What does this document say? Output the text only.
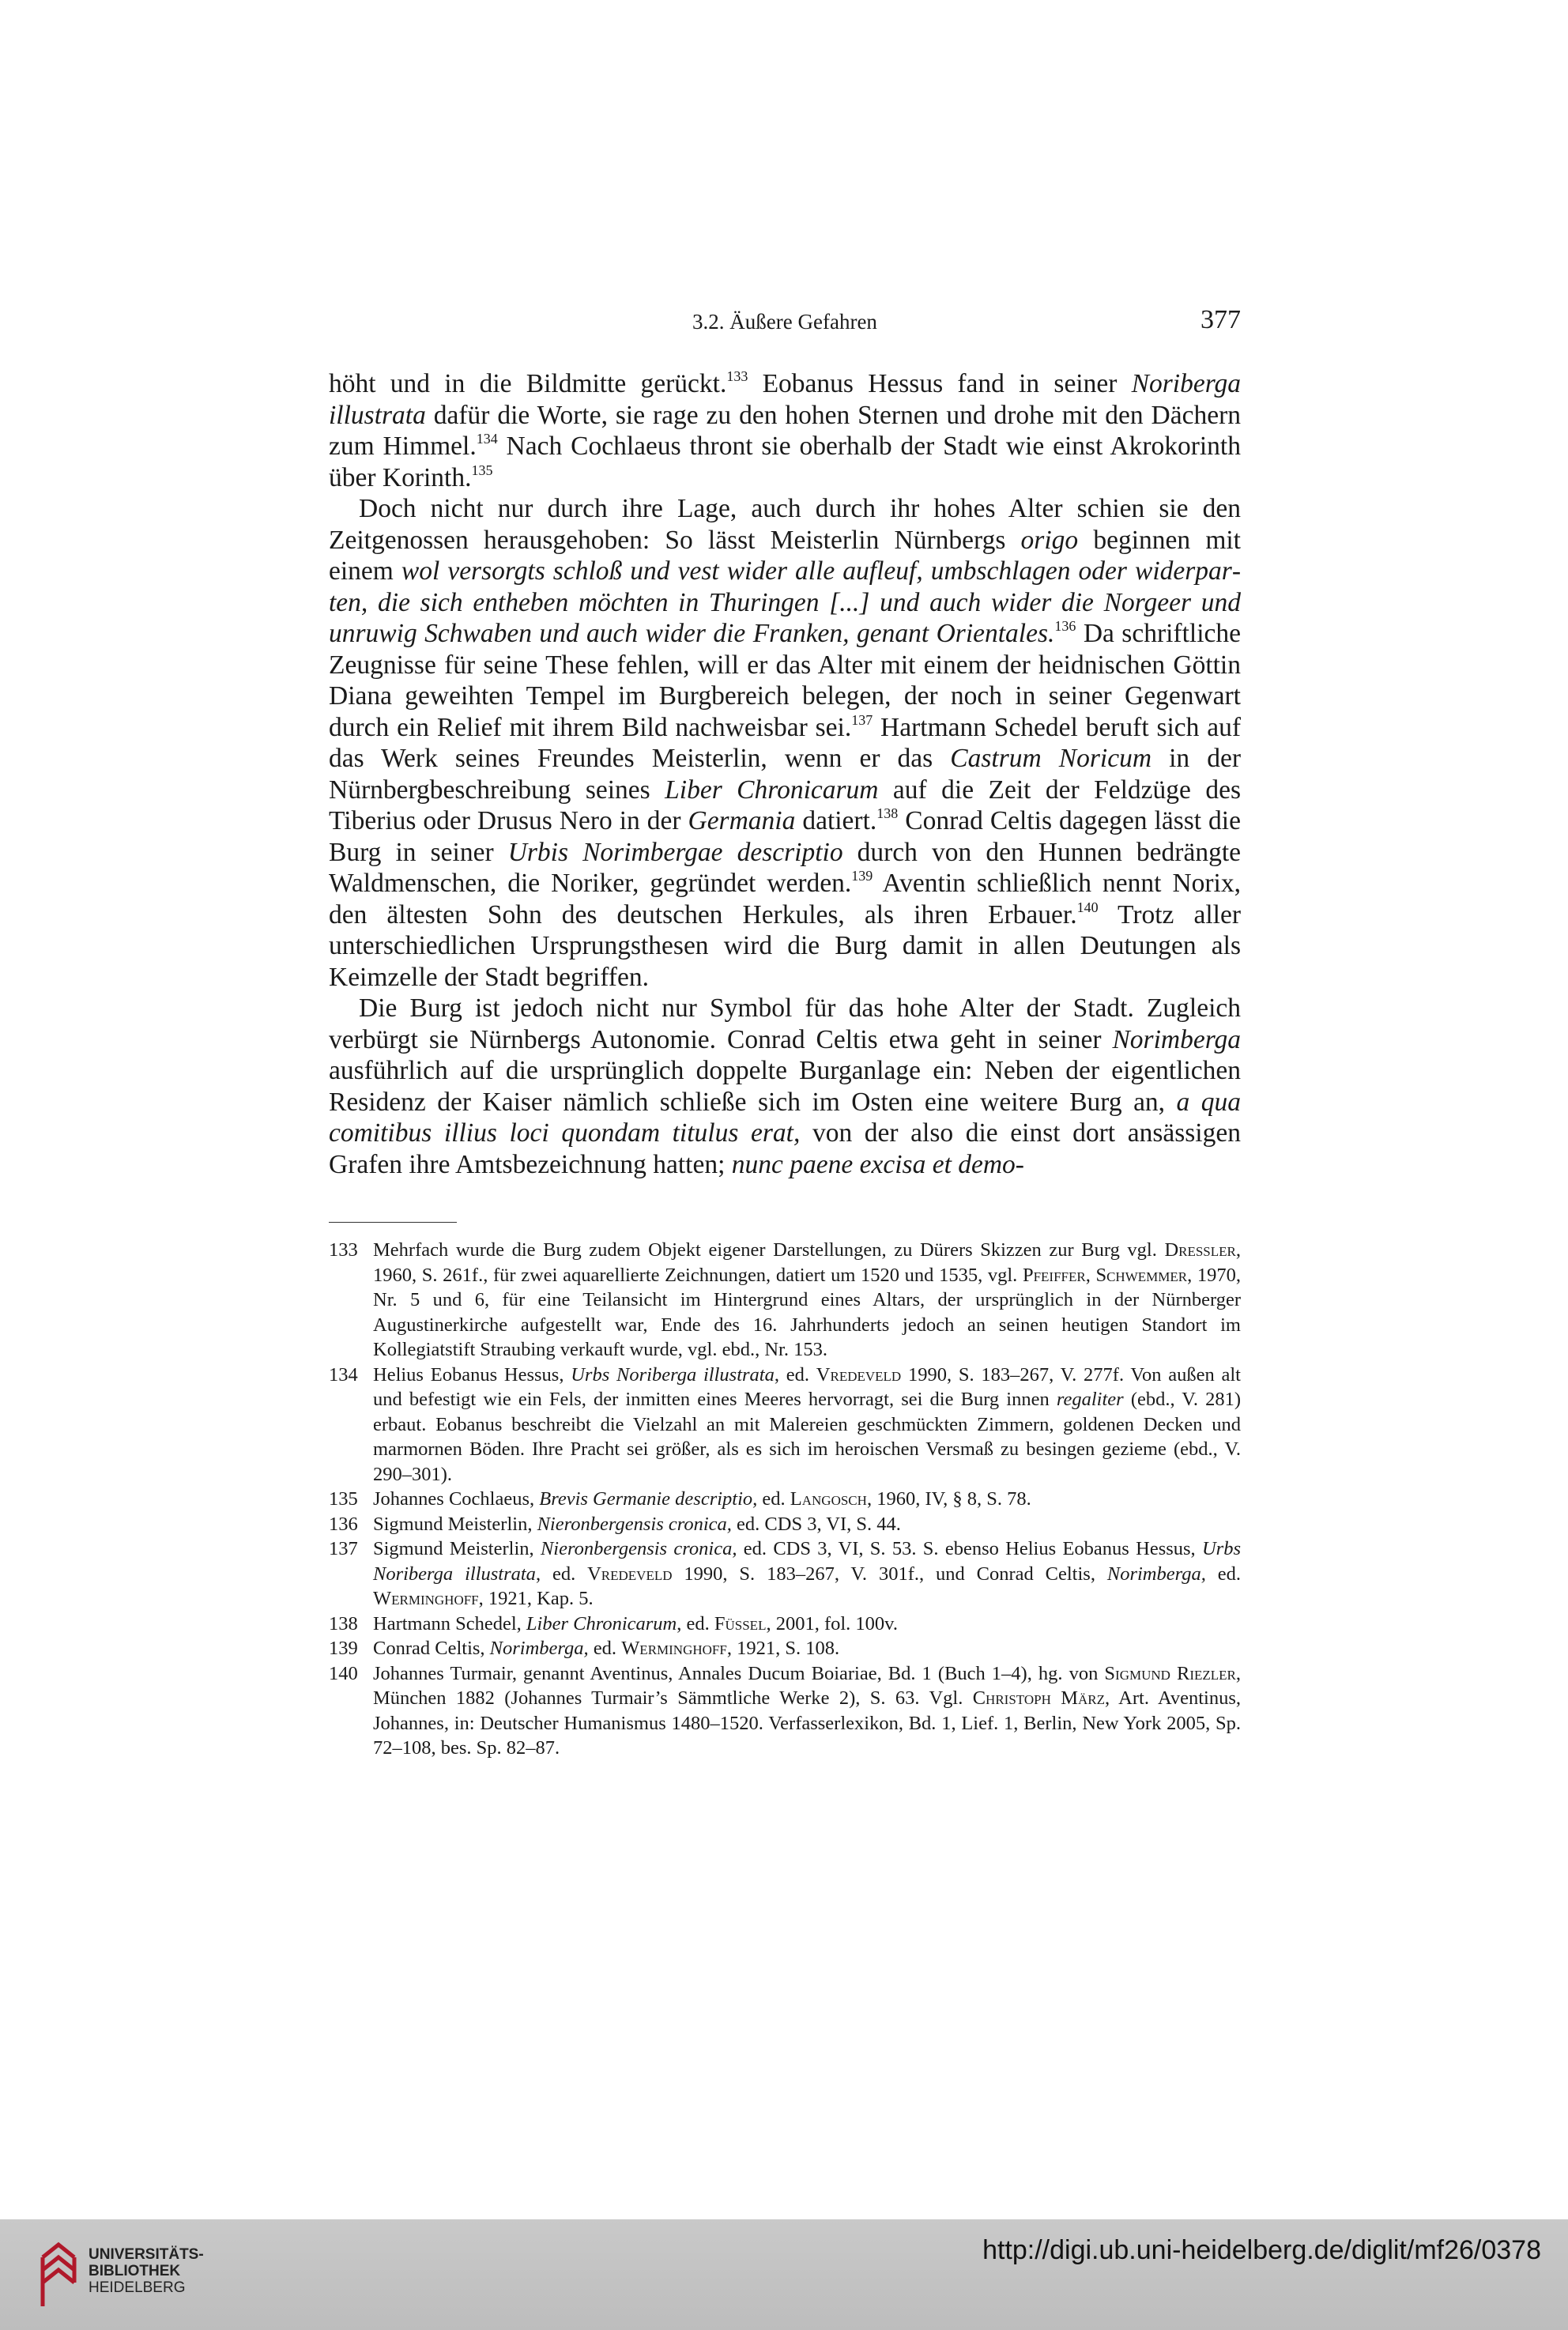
3.2. Äußere Gefahren	377

höht und in die Bildmitte gerückt.$^{133}$ Eobanus Hessus fand in seiner Noriberga illustrata dafür die Worte, sie rage zu den hohen Sternen und drohe mit den Dächern zum Himmel.$^{134}$ Nach Cochlaeus thront sie oberhalb der Stadt wie einst Akrokorinth über Korinth.$^{135}$

Doch nicht nur durch ihre Lage, auch durch ihr hohes Alter schien sie den Zeitgenossen herausgehoben: So lässt Meisterlin Nürnbergs origo beginnen mit einem wol versorgts schloß und vest wider alle aufleuf, umbschlagen oder widerparten, die sich entheben möchten in Thuringen [...] und auch wider die Norgeer und unruwig Schwaben und auch wider die Franken, genant Orientales.$^{136}$ Da schriftliche Zeugnisse für seine These fehlen, will er das Alter mit einem der heidnischen Göttin Diana geweihten Tempel im Burgbereich belegen, der noch in seiner Gegenwart durch ein Relief mit ihrem Bild nachweisbar sei.$^{137}$ Hartmann Schedel beruft sich auf das Werk seines Freundes Meisterlin, wenn er das Castrum Noricum in der Nürnbergbeschreibung seines Liber Chronicarum auf die Zeit der Feldzüge des Tiberius oder Drusus Nero in der Germania datiert.$^{138}$ Conrad Celtis dagegen lässt die Burg in seiner Urbis Norimbergae descriptio durch von den Hunnen bedrängte Waldmenschen, die Noriker, gegründet werden.$^{139}$ Aventin schließlich nennt Norix, den ältesten Sohn des deutschen Herkules, als ihren Erbauer.$^{140}$ Trotz aller unterschiedlichen Ursprungsthesen wird die Burg damit in allen Deutungen als Keimzelle der Stadt begriffen.

Die Burg ist jedoch nicht nur Symbol für das hohe Alter der Stadt. Zugleich verbürgt sie Nürnbergs Autonomie. Conrad Celtis etwa geht in seiner Norimberga ausführlich auf die ursprünglich doppelte Burganlage ein: Neben der eigentlichen Residenz der Kaiser nämlich schließe sich im Osten eine weitere Burg an, a qua comitibus illius loci quondam titulus erat, von der also die einst dort ansässigen Grafen ihre Amtsbezeichnung hatten; nunc paene excisa et demo-

133 Mehrfach wurde die Burg zudem Objekt eigener Darstellungen, zu Dürers Skizzen zur Burg vgl. Dressler, 1960, S. 261f., für zwei aquarellierte Zeichnungen, datiert um 1520 und 1535, vgl. Pfeiffer, Schwemmer, 1970, Nr. 5 und 6, für eine Teilansicht im Hintergrund eines Altars, der ursprünglich in der Nürnberger Augustinerkirche aufgestellt war, Ende des 16. Jahrhunderts jedoch an seinen heutigen Standort im Kollegiatstift Straubing verkauft wurde, vgl. ebd., Nr. 153.
134 Helius Eobanus Hessus, Urbs Noriberga illustrata, ed. Vredeveld 1990, S. 183–267, V. 277f. Von außen alt und befestigt wie ein Fels, der inmitten eines Meeres hervorragt, sei die Burg innen regaliter (ebd., V. 281) erbaut. Eobanus beschreibt die Vielzahl an mit Malereien geschmückten Zimmern, goldenen Decken und marmornen Böden. Ihre Pracht sei größer, als es sich im heroischen Versmaß zu besingen gezieme (ebd., V. 290–301).
135 Johannes Cochlaeus, Brevis Germanie descriptio, ed. Langosch, 1960, IV, § 8, S. 78.
136 Sigmund Meisterlin, Nieronbergensis cronica, ed. CDS 3, VI, S. 44.
137 Sigmund Meisterlin, Nieronbergensis cronica, ed. CDS 3, VI, S. 53. S. ebenso Helius Eobanus Hessus, Urbs Noriberga illustrata, ed. Vredeveld 1990, S. 183–267, V. 301f., und Conrad Celtis, Norimberga, ed. Werminghoff, 1921, Kap. 5.
138 Hartmann Schedel, Liber Chronicarum, ed. Füssel, 2001, fol. 100v.
139 Conrad Celtis, Norimberga, ed. Werminghoff, 1921, S. 108.
140 Johannes Turmair, genannt Aventinus, Annales Ducum Boiariae, Bd. 1 (Buch 1–4), hg. von Sigmund Riezler, München 1882 (Johannes Turmair’s Sämmtliche Werke 2), S. 63. Vgl. Christoph März, Art. Aventinus, Johannes, in: Deutscher Humanismus 1480–1520. Verfasserlexikon, Bd. 1, Lief. 1, Berlin, New York 2005, Sp. 72–108, bes. Sp. 82–87.
UNIVERSITÄTS-
BIBLIOTHEK
HEIDELBERG
http://digi.ub.uni-heidelberg.de/diglit/mf26/0378
